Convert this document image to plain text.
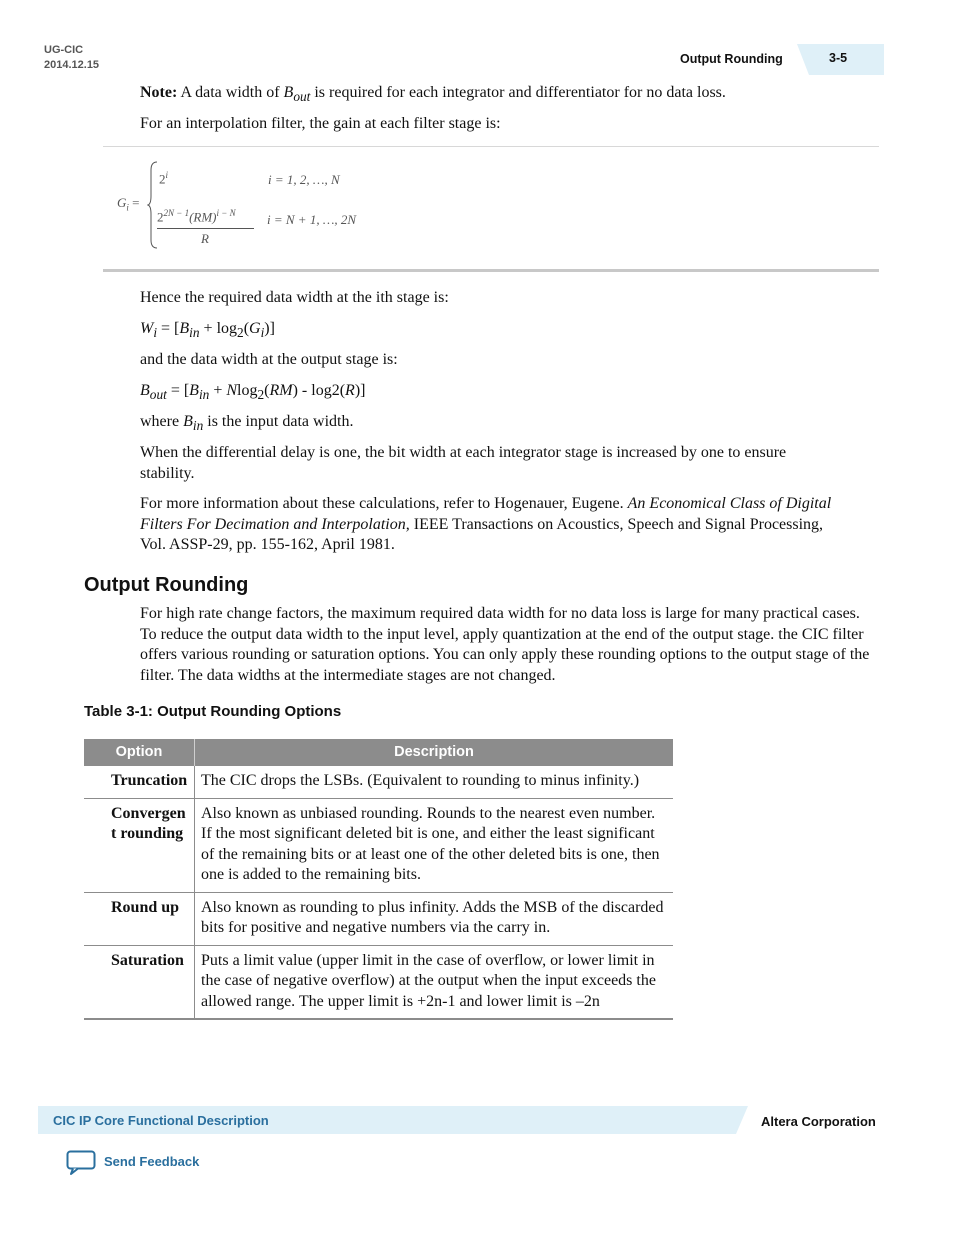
UG-CIC
2014.12.15	Output Rounding	3-5
Note: A data width of $B_{out}$ is required for each integrator and differentiator for no data loss.
For an interpolation filter, the gain at each filter stage is:
$G_i$ =
$2^i$	i = 1, 2, …, N
$2^{2N - 1}(RM)^{i - N}$
R
i = N + 1, …, 2N
Hence the required data width at the ith stage is:
$W_i = [B_{in} + \log_2(G_i)]$
and the data width at the output stage is:
$B_{out} = [B_{in} + Nlog_2(RM) - \log 2(R)]$
where $B_{in}$ is the input data width.
When the differential delay is one, the bit width at each integrator stage is increased by one to ensure stability.
For more information about these calculations, refer to Hogenauer, Eugene. An Economical Class of Digital Filters For Decimation and Interpolation, IEEE Transactions on Acoustics, Speech and Signal Processing, Vol. ASSP-29, pp. 155-162, April 1981.
Output Rounding
For high rate change factors, the maximum required data width for no data loss is large for many practical cases. To reduce the output data width to the input level, apply quantization at the end of the output stage. the CIC filter offers various rounding or saturation options. You can only apply these rounding options to the output stage of the filter. The data widths at the intermediate stages are not changed.
Table 3-1: Output Rounding Options
Option	Description
Truncation	The CIC drops the LSBs. (Equivalent to rounding to minus infinity.)
Convergent rounding	Also known as unbiased rounding. Rounds to the nearest even number. If the most significant deleted bit is one, and either the least significant of the remaining bits or at least one of the other deleted bits is one, then one is added to the remaining bits.
Round up	Also known as rounding to plus infinity. Adds the MSB of the discarded bits for positive and negative numbers via the carry in.
Saturation	Puts a limit value (upper limit in the case of overflow, or lower limit in the case of negative overflow) at the output when the input exceeds the allowed range. The upper limit is +2n-1 and lower limit is –2n
CIC IP Core Functional Description	Altera Corporation
Send Feedback
